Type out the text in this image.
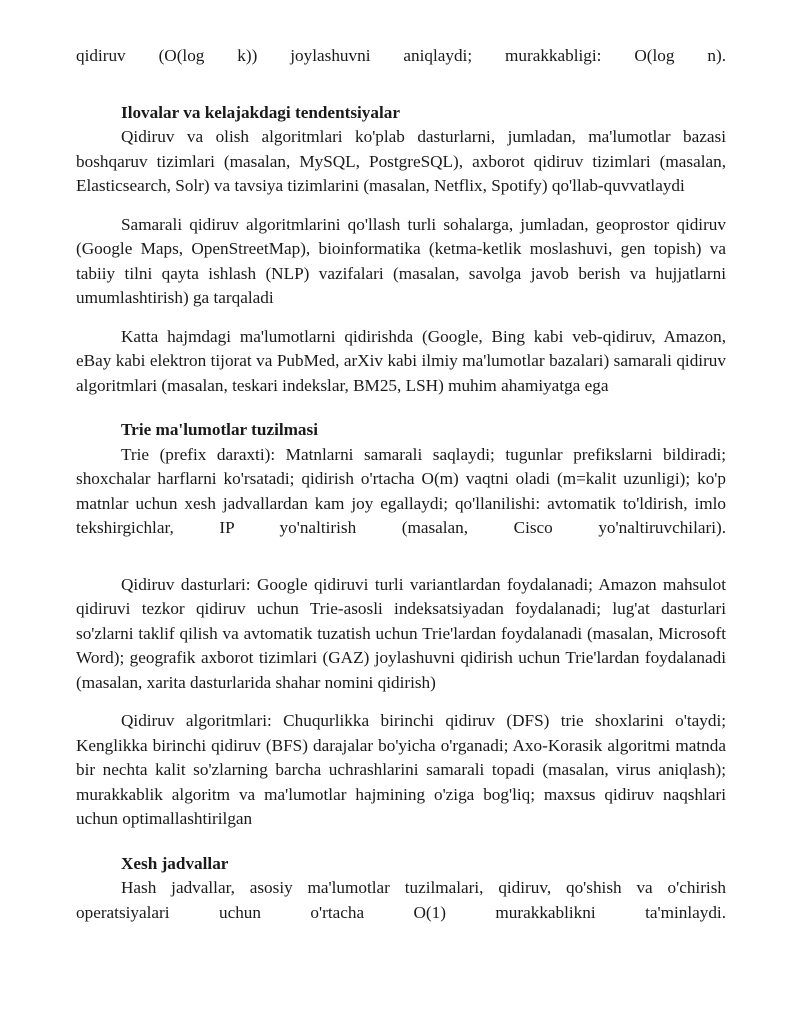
qidiruv (O(log k)) joylashuvni aniqlaydi; murakkabligi: O(log n).

Ilovalar va kelajakdagi tendentsiyalar

Qidiruv va olish algoritmlari ko'plab dasturlarni, jumladan, ma'lumotlar bazasi boshqaruv tizimlari (masalan, MySQL, PostgreSQL), axborot qidiruv tizimlari (masalan, Elasticsearch, Solr) va tavsiya tizimlarini (masalan, Netflix, Spotify) qo'llab-quvvatlaydi

Samarali qidiruv algoritmlarini qo'llash turli sohalarga, jumladan, geoprostor qidiruv (Google Maps, OpenStreetMap), bioinformatika (ketma-ketlik moslashuvi, gen topish) va tabiiy tilni qayta ishlash (NLP) vazifalari (masalan, savolga javob berish va hujjatlarni umumlashtirish) ga tarqaladi

Katta hajmdagi ma'lumotlarni qidirishda (Google, Bing kabi veb-qidiruv, Amazon, eBay kabi elektron tijorat va PubMed, arXiv kabi ilmiy ma'lumotlar bazalari) samarali qidiruv algoritmlari (masalan, teskari indekslar, BM25, LSH) muhim ahamiyatga ega

Trie ma'lumotlar tuzilmasi

Trie (prefix daraxti): Matnlarni samarali saqlaydi; tugunlar prefikslarni bildiradi; shoxchalar harflarni ko'rsatadi; qidirish o'rtacha O(m) vaqtni oladi (m=kalit uzunligi); ko'p matnlar uchun xesh jadvallardan kam joy egallaydi; qo'llanilishi: avtomatik to'ldirish, imlo tekshirgichlar, IP yo'naltirish (masalan, Cisco yo'naltiruvchilari).

Qidiruv dasturlari: Google qidiruvi turli variantlardan foydalanadi; Amazon mahsulot qidiruvi tezkor qidiruv uchun Trie-asosli indeksatsiyadan foydalanadi; lug'at dasturlari so'zlarni taklif qilish va avtomatik tuzatish uchun Trie'lardan foydalanadi (masalan, Microsoft Word); geografik axborot tizimlari (GAZ) joylashuvni qidirish uchun Trie'lardan foydalanadi (masalan, xarita dasturlarida shahar nomini qidirish)

Qidiruv algoritmlari: Chuqurlikka birinchi qidiruv (DFS) trie shoxlarini o'taydi; Kenglikka birinchi qidiruv (BFS) darajalar bo'yicha o'rganadi; Axo-Korasik algoritmi matnda bir nechta kalit so'zlarning barcha uchrashlarini samarali topadi (masalan, virus aniqlash); murakkablik algoritm va ma'lumotlar hajmining o'ziga bog'liq; maxsus qidiruv naqshlari uchun optimallashtirilgan

Xesh jadvallar

Hash jadvallar, asosiy ma'lumotlar tuzilmalari, qidiruv, qo'shish va o'chirish operatsiyalari uchun o'rtacha O(1) murakkablikni ta'minlaydi.
